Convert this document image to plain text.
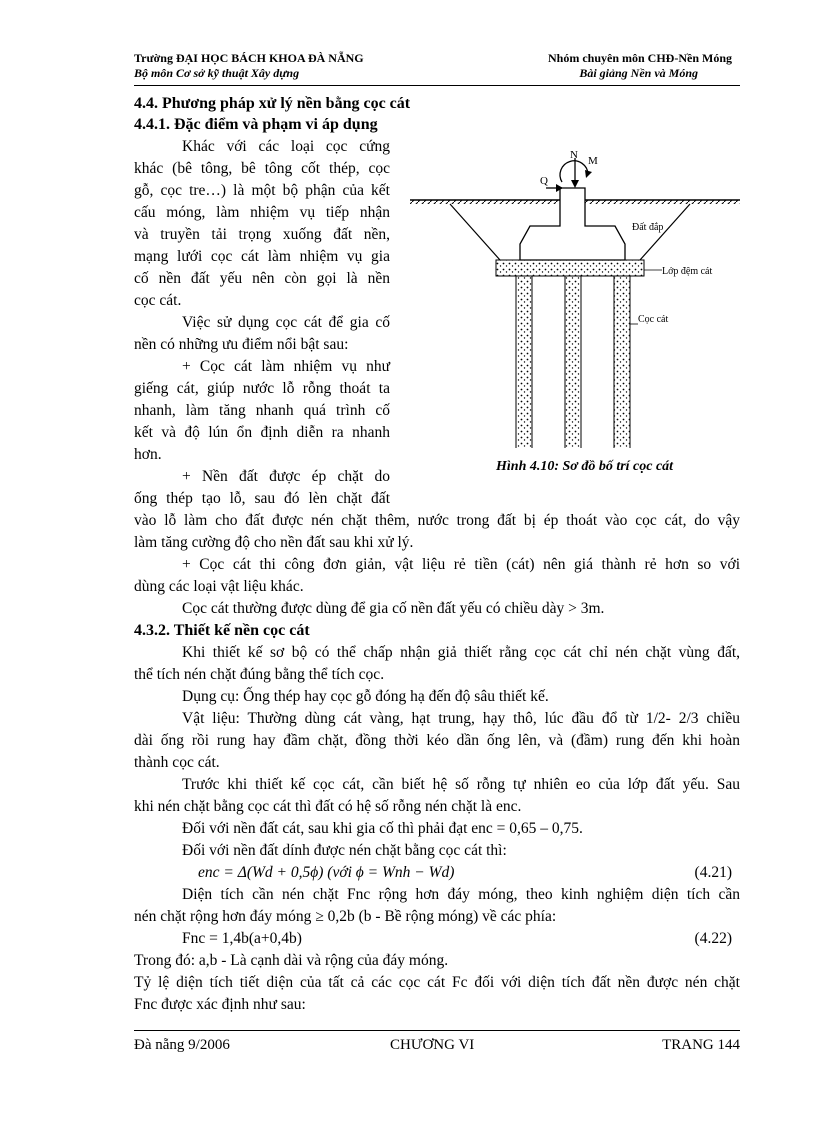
Trường ĐẠI HỌC BÁCH KHOA ĐÀ NẴNG
Bộ môn Cơ sở kỹ thuật Xây dựng
Nhóm chuyên môn CHĐ-Nền Móng
Bài giảng Nền và Móng
4.4. Phương pháp xử lý nền bằng cọc cát
4.4.1. Đặc điểm và phạm vi áp dụng
Khác với các loại cọc cứng
khác (bê tông, bê tông cốt thép, cọc
gỗ, cọc tre…) là một bộ phận của kết
cấu móng, làm nhiệm vụ tiếp nhận
và truyền tải trọng xuống đất nền,
mạng lưới cọc cát làm nhiệm vụ gia
cố nền đất yếu nên còn gọi là nền
cọc cát.
Việc sử dụng cọc cát để gia cố
nền có những ưu điểm nổi bật sau:
+ Cọc cát làm nhiệm vụ như
giếng cát, giúp nước lỗ rỗng thoát ta
nhanh, làm tăng nhanh quá trình cố
kết và độ lún ổn định diễn ra nhanh
hơn.
+ Nền đất được ép chặt do
ống thép tạo lỗ, sau đó lèn chặt đất
vào lỗ làm cho đất được nén chặt thêm, nước trong đất bị ép thoát vào cọc cát, do vậy
làm tăng cường độ cho nền đất sau khi xử lý.
+ Cọc cát thi công đơn giản, vật liệu rẻ tiền (cát) nên giá thành rẻ hơn so với
dùng các loại vật liệu khác.
Cọc cát thường được dùng để gia cố nền đất yếu có chiều dày > 3m.
4.3.2. Thiết kế nền cọc cát
Khi thiết kế sơ bộ có thể chấp nhận giả thiết rằng cọc cát chỉ nén chặt vùng đất,
thể tích nén chặt đúng bằng thể tích cọc.
Dụng cụ: Ống thép hay cọc gỗ đóng hạ đến độ sâu thiết kế.
Vật liệu: Thường dùng cát vàng, hạt trung, hạy thô, lúc đầu đổ từ 1/2- 2/3 chiều
dài ống rồi rung hay đầm chặt, đồng thời kéo dần ống lên, và (đầm) rung đến khi hoàn
thành cọc cát.
Trước khi thiết kế cọc cát, cần biết hệ số rỗng tự nhiên eo của lớp đất yếu. Sau
khi nén chặt bằng cọc cát thì đất có hệ số rỗng nén chặt là enc.
Đối với nền đất cát, sau khi gia cố thì phải đạt enc = 0,65 – 0,75.
Đối với nền đất dính được nén chặt bằng cọc cát thì:
enc = Δ(Wd + 0,5ϕ) (với ϕ = Wnh − Wd)	(4.21)
Diện tích cần nén chặt Fnc rộng hơn đáy móng, theo kinh nghiệm diện tích cần
nén chặt rộng hơn đáy móng ≥ 0,2b (b - Bề rộng móng) về các phía:
Fnc = 1,4b(a+0,4b)	(4.22)
Trong đó: a,b - Là cạnh dài và rộng của đáy móng.
Tỷ lệ diện tích tiết diện của tất cả các cọc cát Fc đối với diện tích đất nền được nén chặt
Fnc được xác định như sau:
N M
Q
Đất đắp
Lớp đệm cát
Cọc cát
Hình 4.10: Sơ đồ bố trí cọc cát
Đà nẵng 9/2006	CHƯƠNG VI	TRANG 144
